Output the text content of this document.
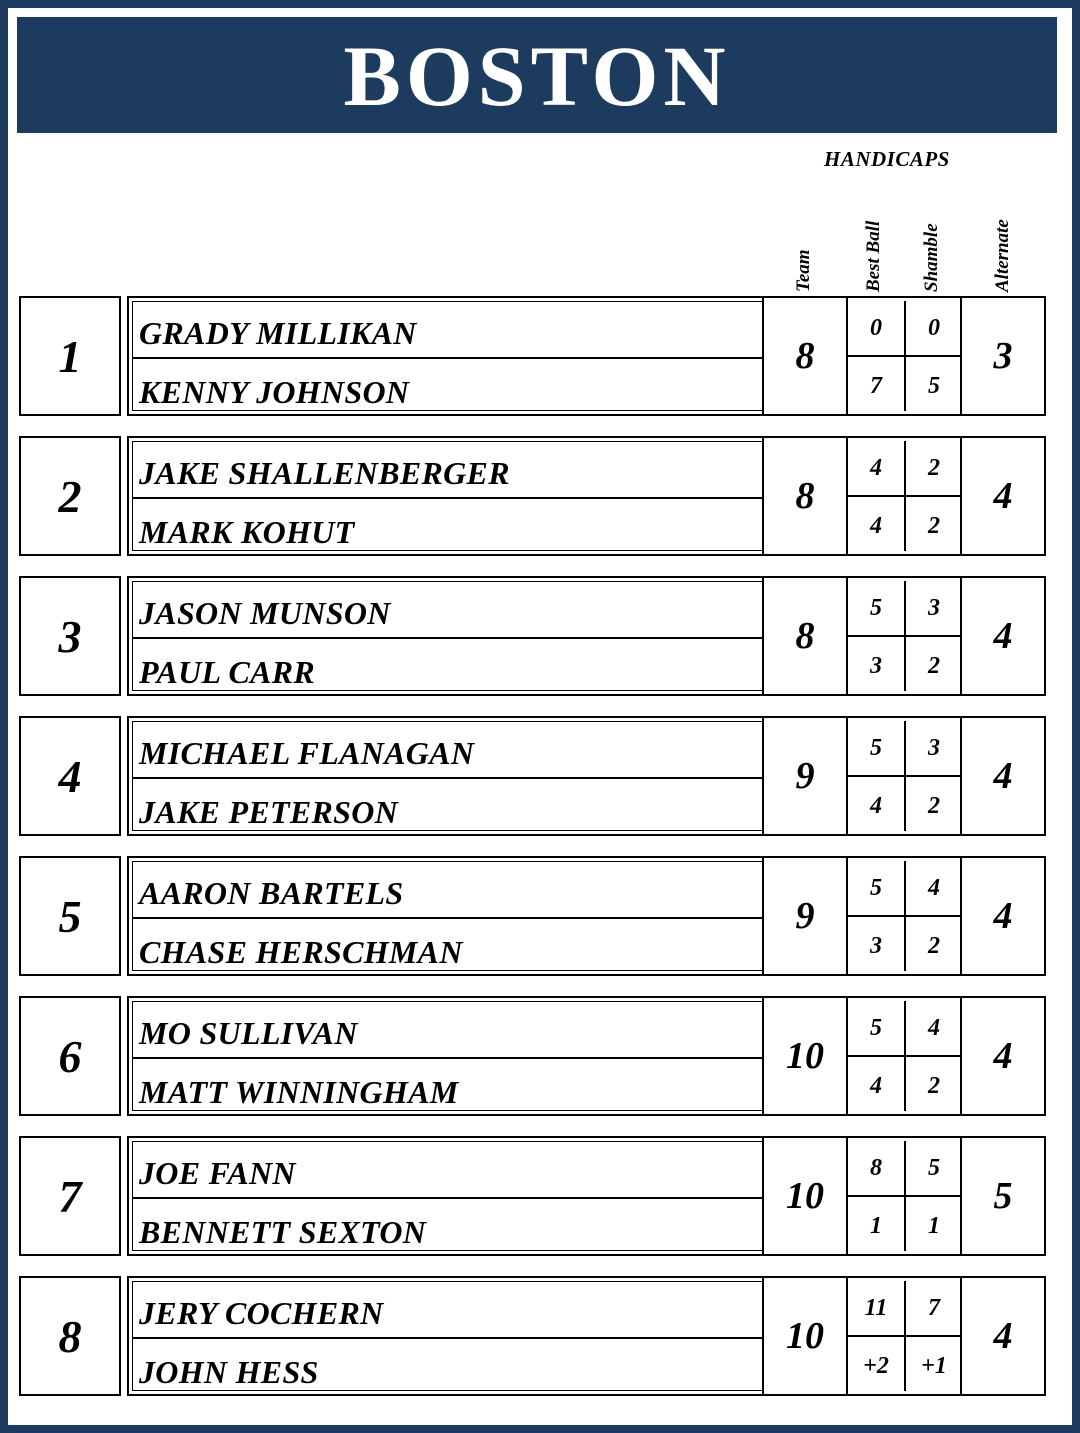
BOSTON
HANDICAPS
Team	Best Ball Shamble	Alternate
1 GRADY MILLIKAN
KENNY JOHNSON
8
0
7
0
5
3
2 JAKE SHALLENBERGER
MARK KOHUT
8
4
4
2
2
4
3 JASON MUNSON
PAUL CARR
8
5
3
3
2
4
4 MICHAEL FLANAGAN
JAKE PETERSON
9
5
4
3
2
4
5 AARON BARTELS
CHASE HERSCHMAN
9
5
3
4
2
4
6 MO SULLIVAN
MATT WINNINGHAM
10
5
4
4
2
4
7 JOE FANN
BENNETT SEXTON
10
8
1
5
1
5
8 JERY COCHERN
JOHN HESS
10
11
+2
7
+1
4
